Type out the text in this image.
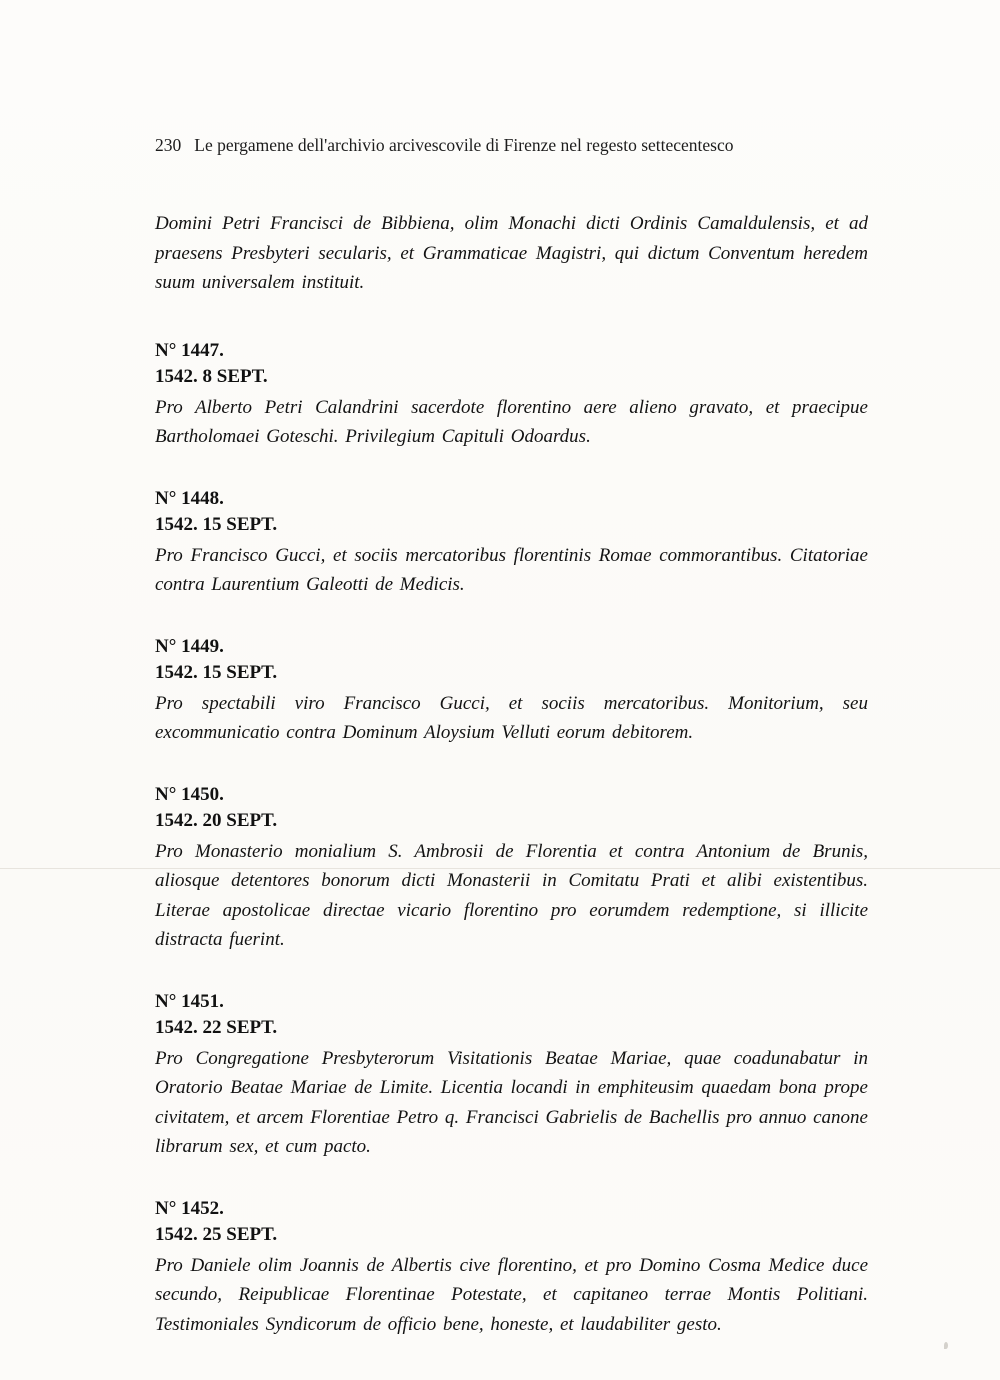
230 Le pergamene dell'archivio arcivescovile di Firenze nel regesto settecentesco

Domini Petri Francisci de Bibbiena, olim Monachi dicti Ordinis Camaldulensis, et ad praesens Presbyteri secularis, et Grammaticae Magistri, qui dictum Conventum heredem suum universalem instituit.

N° 1447.
1542. 8 SEPT.

Pro Alberto Petri Calandrini sacerdote florentino aere alieno gravato, et praecipue Bartholomaei Goteschi. Privilegium Capituli Odoardus.

N° 1448.
1542. 15 SEPT.

Pro Francisco Gucci, et sociis mercatoribus florentinis Romae commorantibus. Citatoriae contra Laurentium Galeotti de Medicis.

N° 1449.
1542. 15 SEPT.

Pro spectabili viro Francisco Gucci, et sociis mercatoribus. Monitorium, seu excommunicatio contra Dominum Aloysium Velluti eorum debitorem.

N° 1450.
1542. 20 SEPT.

Pro Monasterio monialium S. Ambrosii de Florentia et contra Antonium de Brunis, aliosque detentores bonorum dicti Monasterii in Comitatu Prati et alibi existentibus. Literae apostolicae directae vicario florentino pro eorumdem redemptione, si illicite distracta fuerint.

N° 1451.
1542. 22 SEPT.

Pro Congregatione Presbyterorum Visitationis Beatae Mariae, quae coadunabatur in Oratorio Beatae Mariae de Limite. Licentia locandi in emphiteusim quaedam bona prope civitatem, et arcem Florentiae Petro q. Francisci Gabrielis de Bachellis pro annuo canone librarum sex, et cum pacto.

N° 1452.
1542. 25 SEPT.

Pro Daniele olim Joannis de Albertis cive florentino, et pro Domino Cosma Medice duce secundo, Reipublicae Florentinae Potestate, et capitaneo terrae Montis Politiani. Testimoniales Syndicorum de officio bene, honeste, et laudabiliter gesto.
